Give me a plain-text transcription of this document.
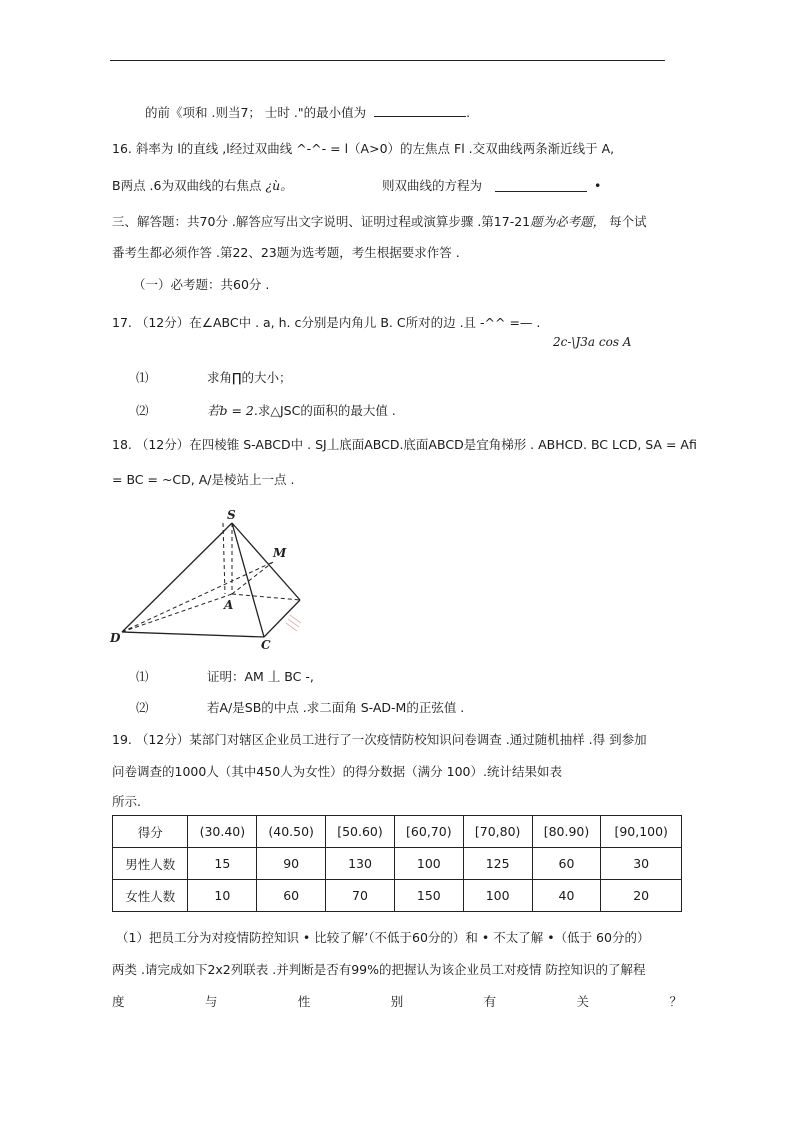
的前《项和 .则当7； 士时 ."的最小值为	.
16. 斜率为 l的直线 ,l经过双曲线 ^-^- = l（A>0）的左焦点 Fl .交双曲线两条渐近线于 A,
B两点 .6为双曲线的右焦点 ¿ù。	则双曲线的方程为	•
三、解答题：共70分 .解答应写出文字说明、证明过程或演算步骤 .第17-21题为必考题， 每个试
番考生都必须作答 .第22、23题为选考题，考生根据要求作答 .
（一）必考题：共60分 .
17. （12分）在∠ABC中 . a, h. c分别是内角儿 B. C所对的边 .且 -^^ =— .
2c-\J3a cos A
⑴	求角∏的大小；
⑵	若b = 2.求△JSC的面积的最大值 .
18. （12分）在四棱锥 S-ABCD中 . SJ丄底面ABCD.底面ABCD是宜角梯形 . ABHCD. BC LCD, SA = Afi
= BC = ~CD, A/是棱站上一点 .
S
M
A
D	C
⑴	证明：AM 丄 BC -,
⑵	若A/是SB的中点 .求二面角 S-AD-M的正弦值 .
19. （12分）某部门对辖区企业员工进行了一次疫情防校知识问卷调查 .通过随机抽样 .得 到参加
问卷调查的1000人（其中450人为女性）的得分数据（满分 100）.统计结果如表
所示.
得分	(30.40)	(40.50)	[50.60)	[60,70)	[70,80)	[80.90)	[90,100)
男性人数	15	90	130	100	125	60	30
女性人数	10	60	70	150	100	40	20
（1）把员工分为对疫情防控知识 • 比较了解’（不低于60分的）和 • 不太了解 •（低于 60分的）
两类 .请完成如下2x2列联表 .并判断是否有99%的把握认为该企业员工对疫情 防控知识的了解程
度	与	性	别	有	关	？
